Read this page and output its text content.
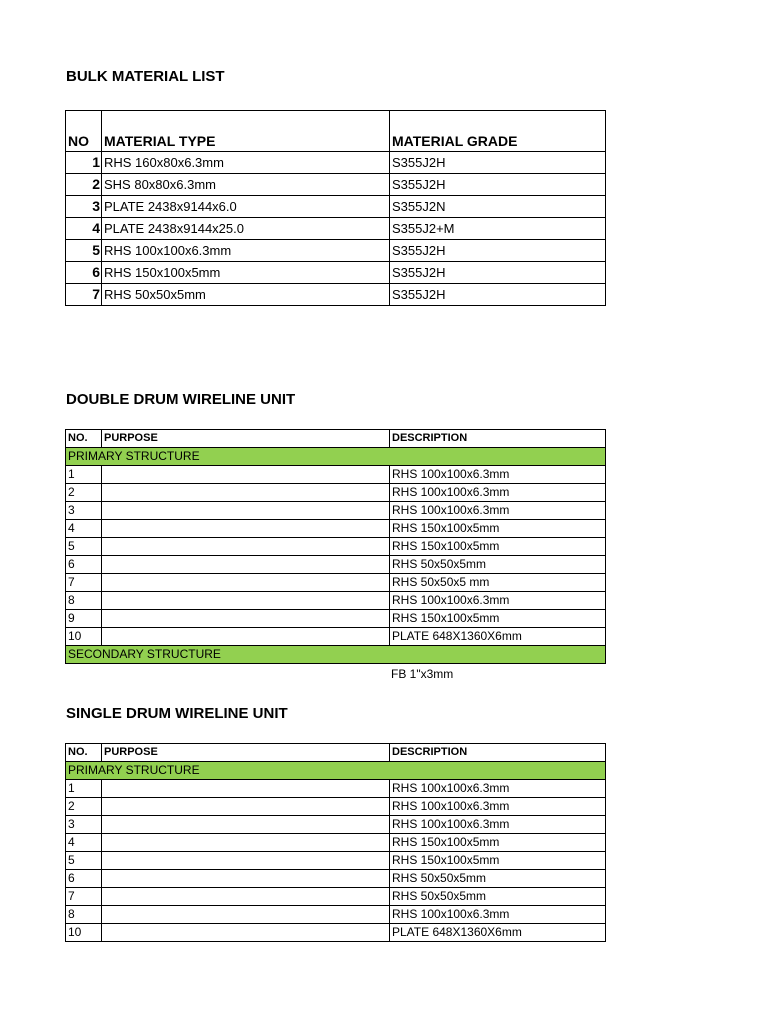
BULK MATERIAL LIST
NO	MATERIAL TYPE	MATERIAL GRADE
1	RHS 160x80x6.3mm	S355J2H
2	SHS 80x80x6.3mm	S355J2H
3	PLATE 2438x9144x6.0	S355J2N
4	PLATE 2438x9144x25.0	S355J2+M
5	RHS 100x100x6.3mm	S355J2H
6	RHS 150x100x5mm	S355J2H
7	RHS 50x50x5mm	S355J2H
DOUBLE DRUM WIRELINE UNIT
NO.	PURPOSE	DESCRIPTION
PRIMARY STRUCTURE		
1		RHS 100x100x6.3mm
2		RHS 100x100x6.3mm
3		RHS 100x100x6.3mm
4		RHS 150x100x5mm
5		RHS 150x100x5mm
6		RHS 50x50x5mm
7		RHS 50x50x5 mm
8		RHS 100x100x6.3mm
9		RHS 150x100x5mm
10		PLATE 648X1360X6mm
SECONDARY STRUCTURE		
FB 1"x3mm
SINGLE DRUM WIRELINE UNIT
NO.	PURPOSE	DESCRIPTION
PRIMARY STRUCTURE		
1		RHS 100x100x6.3mm
2		RHS 100x100x6.3mm
3		RHS 100x100x6.3mm
4		RHS 150x100x5mm
5		RHS 150x100x5mm
6		RHS 50x50x5mm
7		RHS 50x50x5mm
8		RHS 100x100x6.3mm
10		PLATE 648X1360X6mm
